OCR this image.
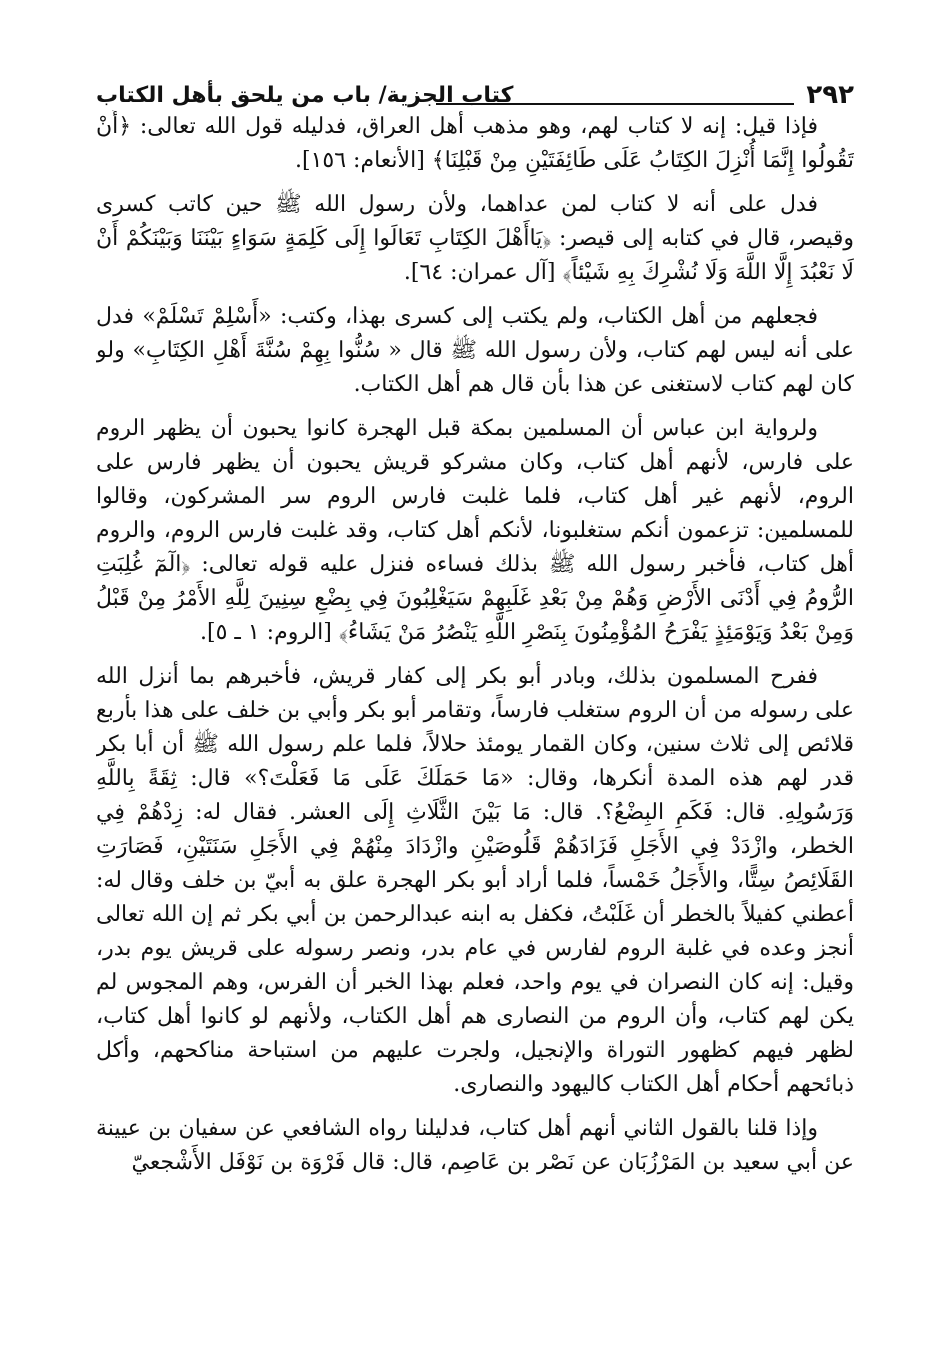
٢٩٢
كتاب الجزية/ باب من يلحق بأهل الكتاب

فإذا قيل: إنه لا كتاب لهم، وهو مذهب أهل العراق، فدليله قول الله تعالى: ﴿أَنْ تَقُولُوا إِنَّمَا أُنْزِلَ الكِتَابُ عَلَى طَائِفَتَيْنِ مِنْ قَبْلِنَا﴾ [الأنعام: ١٥٦].

فدل على أنه لا كتاب لمن عداهما، ولأن رسول الله ﷺ حين كاتب كسرى وقيصر، قال في كتابه إلى قيصر: ﴿يَاأَهْلَ الكِتَابِ تَعَالَوا إِلَى كَلِمَةٍ سَوَاءٍ بَيْنَنَا وَبَيْنَكُمْ أَنْ لَا نَعْبُدَ إِلَّا اللَّهَ وَلَا نُشْرِكَ بِهِ شَيْئاً﴾ [آل عمران: ٦٤].

فجعلهم من أهل الكتاب، ولم يكتب إلى كسرى بهذا، وكتب: «أَسْلِمْ تَسْلَمْ» فدل على أنه ليس لهم كتاب، ولأن رسول الله ﷺ قال « سُنُّوا بِهِمْ سُنَّةَ أَهْلِ الكِتَابِ» ولو كان لهم كتاب لاستغنى عن هذا بأن قال هم أهل الكتاب.

ولرواية ابن عباس أن المسلمين بمكة قبل الهجرة كانوا يحبون أن يظهر الروم على فارس، لأنهم أهل كتاب، وكان مشركو قريش يحبون أن يظهر فارس على الروم، لأنهم غير أهل كتاب، فلما غلبت فارس الروم سر المشركون، وقالوا للمسلمين: تزعمون أنكم ستغلبونا، لأنكم أهل كتاب، وقد غلبت فارس الروم، والروم أهل كتاب، فأخبر رسول الله ﷺ بذلك فساءه فنزل عليه قوله تعالى: ﴿الٓمٓ غُلِبَتِ الرُّومُ فِي أَدْنَى الأَرْضِ وَهُمْ مِنْ بَعْدِ غَلَبِهِمْ سَيَغْلِبُونَ فِي بِضْعِ سِنِينَ لِلَّهِ الأَمْرُ مِنْ قَبْلُ وَمِنْ بَعْدُ وَيَوْمَئِذٍ يَفْرَحُ المُؤْمِنُونَ بِنَصْرِ اللَّهِ يَنْصُرُ مَنْ يَشَاءُ﴾ [الروم: ١ ـ ٥].

ففرح المسلمون بذلك، وبادر أبو بكر إلى كفار قريش، فأخبرهم بما أنزل الله على رسوله من أن الروم ستغلب فارساً، وتقامر أبو بكر وأبي بن خلف على هذا بأربع قلائص إلى ثلاث سنين، وكان القمار يومئذ حلالاً، فلما علم رسول الله ﷺ أن أبا بكر قدر لهم هذه المدة أنكرها، وقال: «مَا حَمَلَكَ عَلَى مَا فَعَلْتَ؟» قال: ثِقَةً بِاللَّهِ وَرَسُولِهِ. قال: فَكَمِ البِضْعُ؟. قال: مَا بَيْنَ الثَّلَاثِ إِلَى العشر. فقال له: زِدْهُمْ فِي الخطر، وازْدَدْ فِي الأَجَلِ فَزَادَهُمْ قَلُوصَيْنِ وازْدَادَ مِنْهُمْ فِي الأَجَلِ سَنَتَيْنِ، فَصَارَتِ القَلَائِصُ سِتًّا، والأَجَلُ خَمْساً، فلما أراد أبو بكر الهجرة علق به أبيّ بن خلف وقال له: أعطني كفيلاً بالخطر أن غَلَبْتُ، فكفل به ابنه عبدالرحمن بن أبي بكر ثم إن الله تعالى أنجز وعده في غلبة الروم لفارس في عام بدر، ونصر رسوله على قريش يوم بدر، وقيل: إنه كان النصران في يوم واحد، فعلم بهذا الخبر أن الفرس، وهم المجوس لم يكن لهم كتاب، وأن الروم من النصارى هم أهل الكتاب، ولأنهم لو كانوا أهل كتاب، لظهر فيهم كظهور التوراة والإنجيل، ولجرت عليهم من استباحة مناكحهم، وأكل ذبائحهم أحكام أهل الكتاب كاليهود والنصارى.

وإذا قلنا بالقول الثاني أنهم أهل كتاب، فدليلنا رواه الشافعي عن سفيان بن عيينة عن أبي سعيد بن المَرْزُبَان عن نَصْر بن عَاصِم، قال: قال فَرْوَة بن نَوْفَل الأَشْجعيّ
